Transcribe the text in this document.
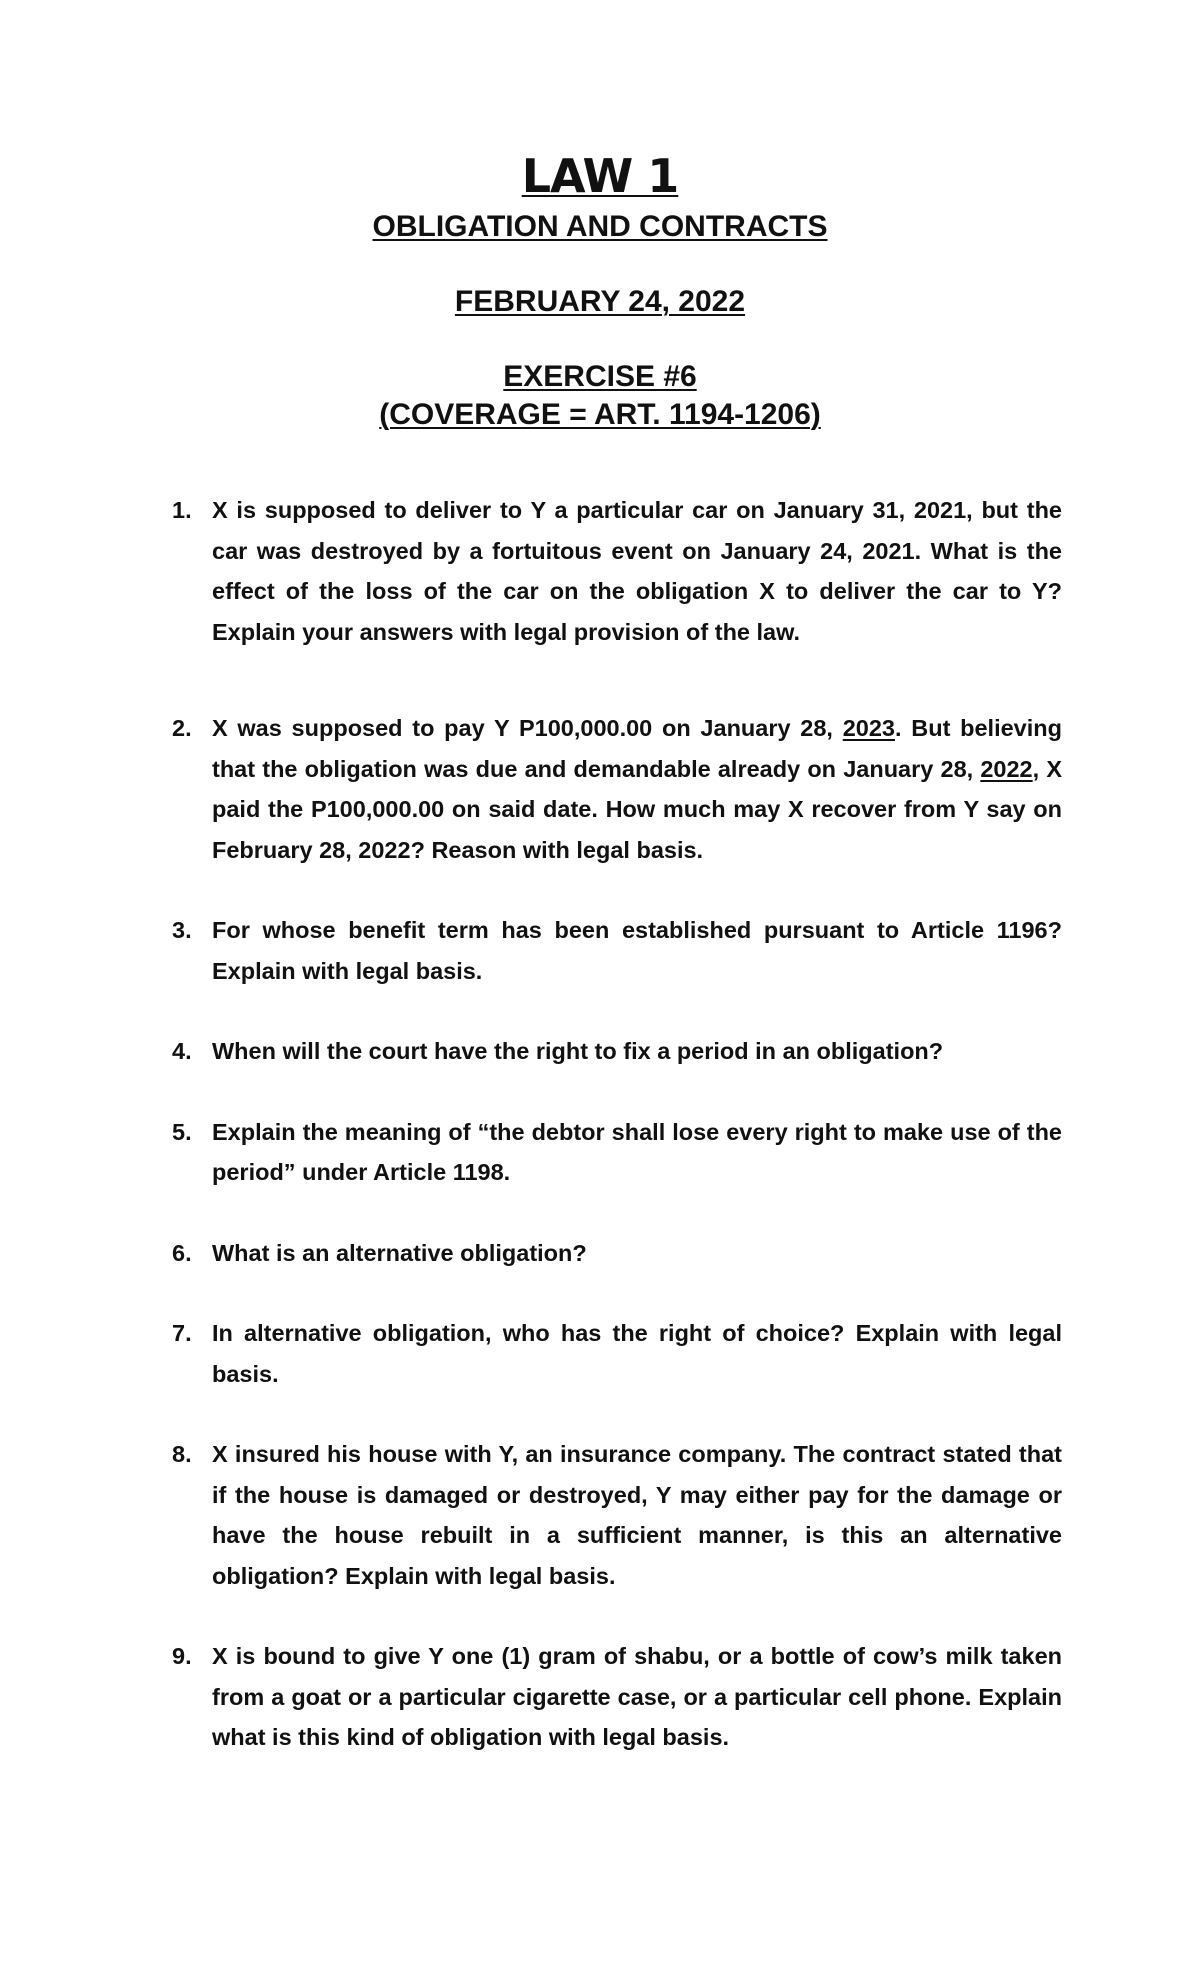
LAW 1
OBLIGATION AND CONTRACTS
FEBRUARY 24, 2022
EXERCISE #6
(COVERAGE = ART. 1194-1206)
1. X is supposed to deliver to Y a particular car on January 31, 2021, but the car was destroyed by a fortuitous event on January 24, 2021. What is the effect of the loss of the car on the obligation X to deliver the car to Y? Explain your answers with legal provision of the law.
2. X was supposed to pay Y P100,000.00 on January 28, 2023. But believing that the obligation was due and demandable already on January 28, 2022, X paid the P100,000.00 on said date. How much may X recover from Y say on February 28, 2022? Reason with legal basis.
3. For whose benefit term has been established pursuant to Article 1196? Explain with legal basis.
4. When will the court have the right to fix a period in an obligation?
5. Explain the meaning of “the debtor shall lose every right to make use of the period” under Article 1198.
6. What is an alternative obligation?
7. In alternative obligation, who has the right of choice? Explain with legal basis.
8. X insured his house with Y, an insurance company. The contract stated that if the house is damaged or destroyed, Y may either pay for the damage or have the house rebuilt in a sufficient manner, is this an alternative obligation? Explain with legal basis.
9. X is bound to give Y one (1) gram of shabu, or a bottle of cow’s milk taken from a goat or a particular cigarette case, or a particular cell phone. Explain what is this kind of obligation with legal basis.
